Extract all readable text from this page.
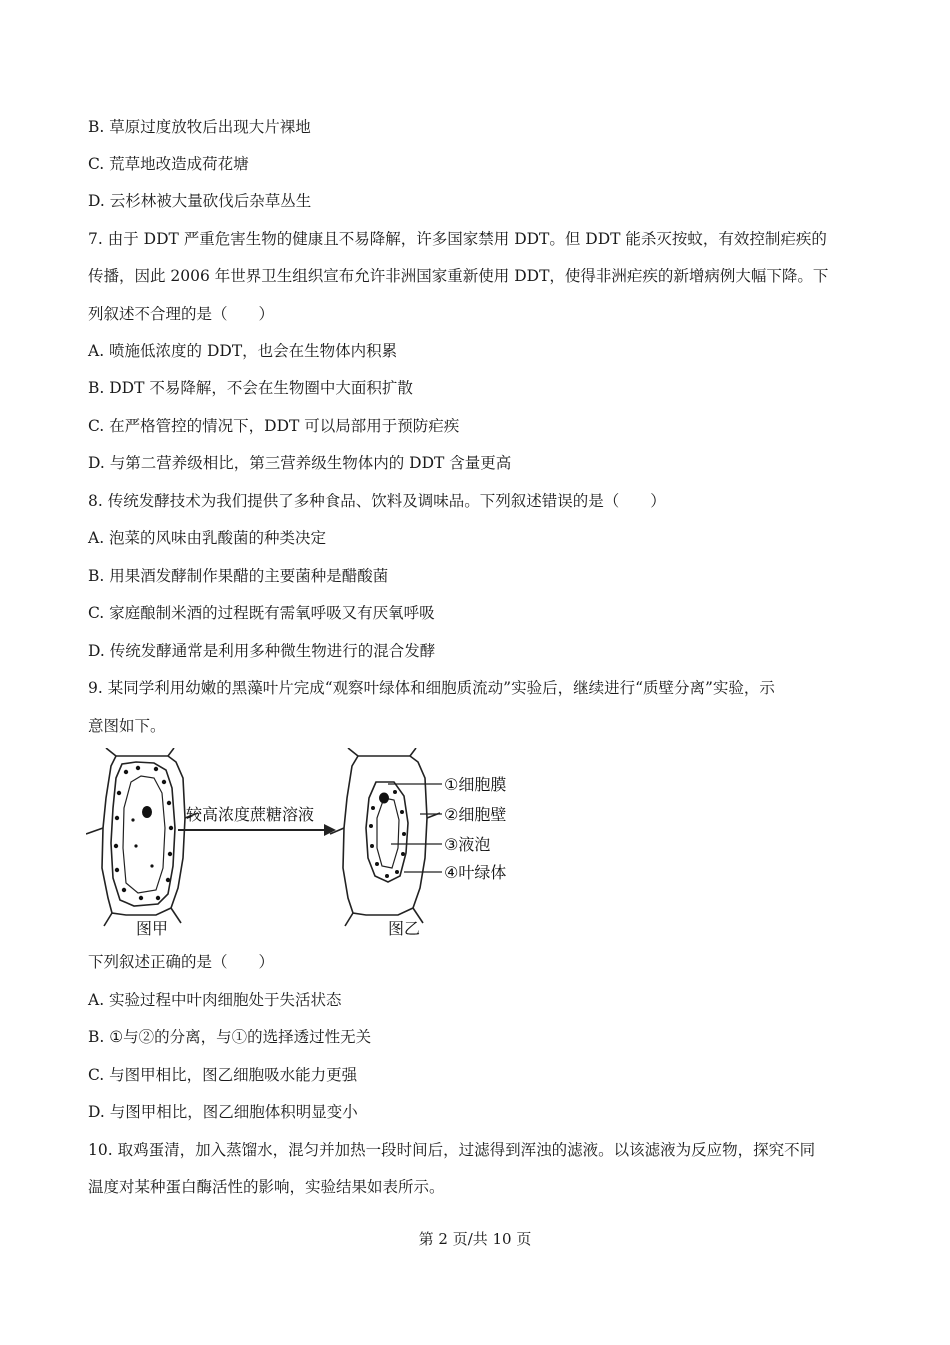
B. 草原过度放牧后出现大片裸地
C. 荒草地改造成荷花塘
D. 云杉林被大量砍伐后杂草丛生
7. 由于 DDT 严重危害生物的健康且不易降解，许多国家禁用 DDT。但 DDT 能杀灭按蚊，有效控制疟疾的
传播，因此 2006 年世界卫生组织宣布允许非洲国家重新使用 DDT，使得非洲疟疾的新增病例大幅下降。下
列叙述不合理的是（　　）
A. 喷施低浓度的 DDT，也会在生物体内积累
B. DDT 不易降解，不会在生物圈中大面积扩散
C. 在严格管控的情况下，DDT 可以局部用于预防疟疾
D. 与第二营养级相比，第三营养级生物体内的 DDT 含量更高
8. 传统发酵技术为我们提供了多种食品、饮料及调味品。下列叙述错误的是（　　）
A. 泡菜的风味由乳酸菌的种类决定
B. 用果酒发酵制作果醋的主要菌种是醋酸菌
C. 家庭酿制米酒的过程既有需氧呼吸又有厌氧呼吸
D. 传统发酵通常是利用多种微生物进行的混合发酵
9. 某同学利用幼嫩的黑藻叶片完成“观察叶绿体和细胞质流动”实验后，继续进行“质壁分离”实验，示
意图如下。
较高浓度蔗糖溶液
①细胞膜
②细胞壁
③液泡
④叶绿体
图甲	图乙
下列叙述正确的是（　　）
A. 实验过程中叶肉细胞处于失活状态
B. ①与②的分离，与①的选择透过性无关
C. 与图甲相比，图乙细胞吸水能力更强
D. 与图甲相比，图乙细胞体积明显变小
10. 取鸡蛋清，加入蒸馏水，混匀并加热一段时间后，过滤得到浑浊的滤液。以该滤液为反应物，探究不同
温度对某种蛋白酶活性的影响，实验结果如表所示。
第 2 页/共 10 页
